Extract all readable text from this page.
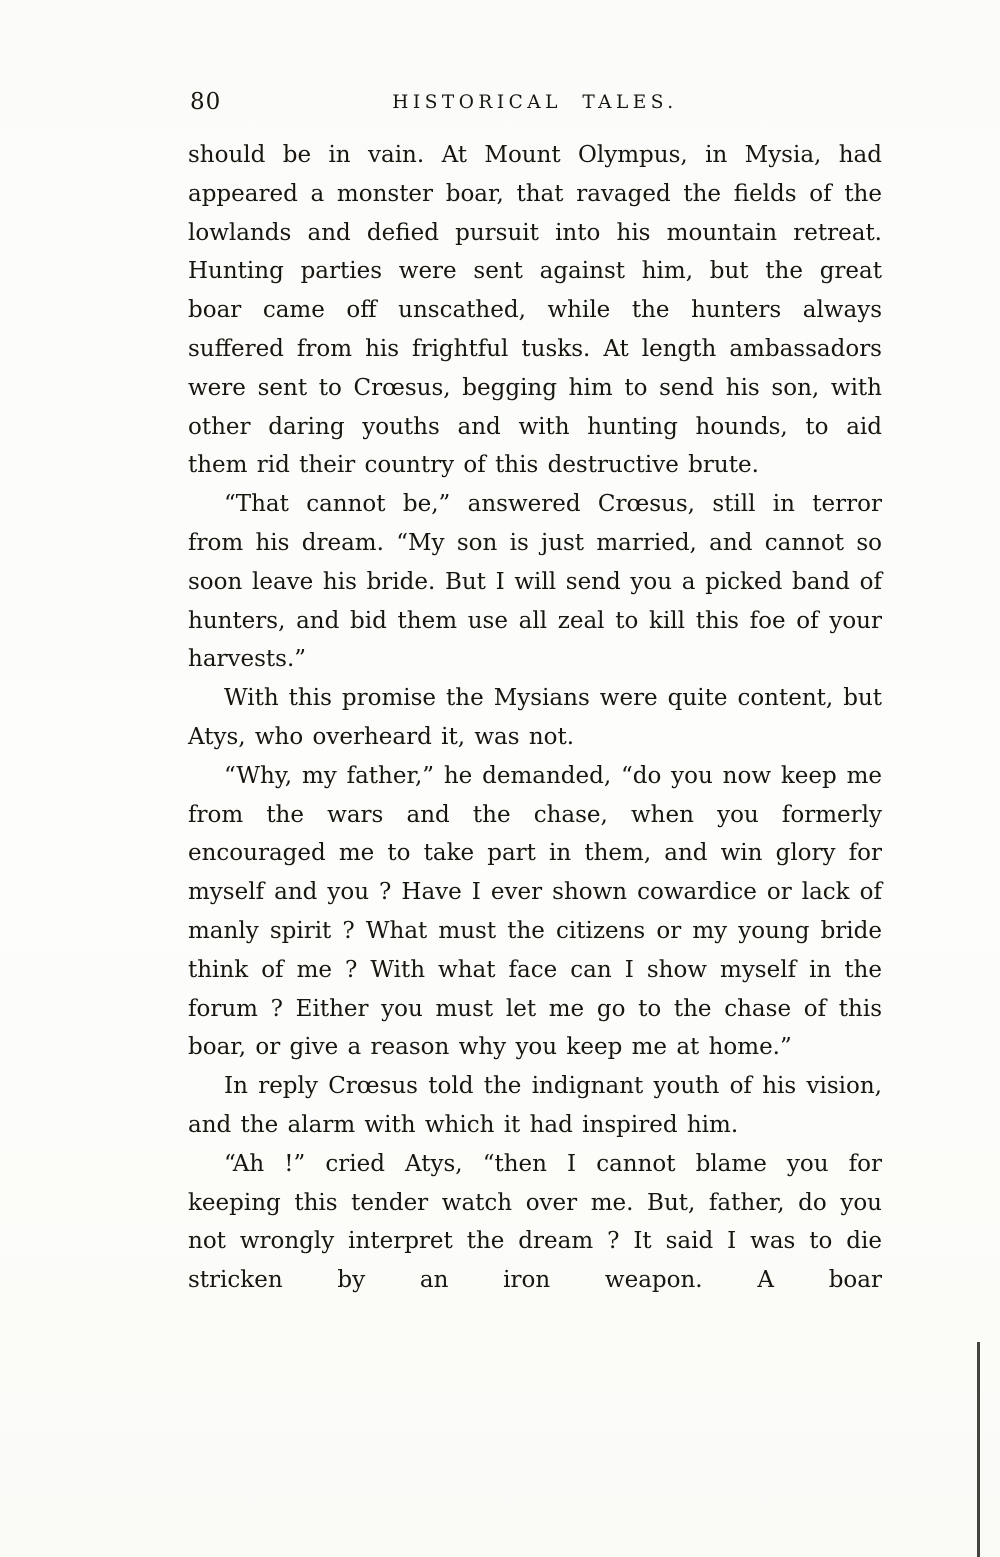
80	HISTORICAL TALES.

should be in vain. At Mount Olympus, in Mysia, had appeared a monster boar, that ravaged the fields of the lowlands and defied pursuit into his mountain retreat. Hunting parties were sent against him, but the great boar came off unscathed, while the hunters always suffered from his frightful tusks. At length ambassadors were sent to Crœsus, begging him to send his son, with other daring youths and with hunting hounds, to aid them rid their country of this destructive brute.

“That cannot be,” answered Crœsus, still in terror from his dream. “My son is just married, and cannot so soon leave his bride. But I will send you a picked band of hunters, and bid them use all zeal to kill this foe of your harvests.”

With this promise the Mysians were quite content, but Atys, who overheard it, was not.

“Why, my father,” he demanded, “do you now keep me from the wars and the chase, when you formerly encouraged me to take part in them, and win glory for myself and you ? Have I ever shown cowardice or lack of manly spirit ? What must the citizens or my young bride think of me ? With what face can I show myself in the forum ? Either you must let me go to the chase of this boar, or give a reason why you keep me at home.”

In reply Crœsus told the indignant youth of his vision, and the alarm with which it had inspired him.

“Ah !” cried Atys, “then I cannot blame you for keeping this tender watch over me. But, father, do you not wrongly interpret the dream ? It said I was to die stricken by an iron weapon. A boar
